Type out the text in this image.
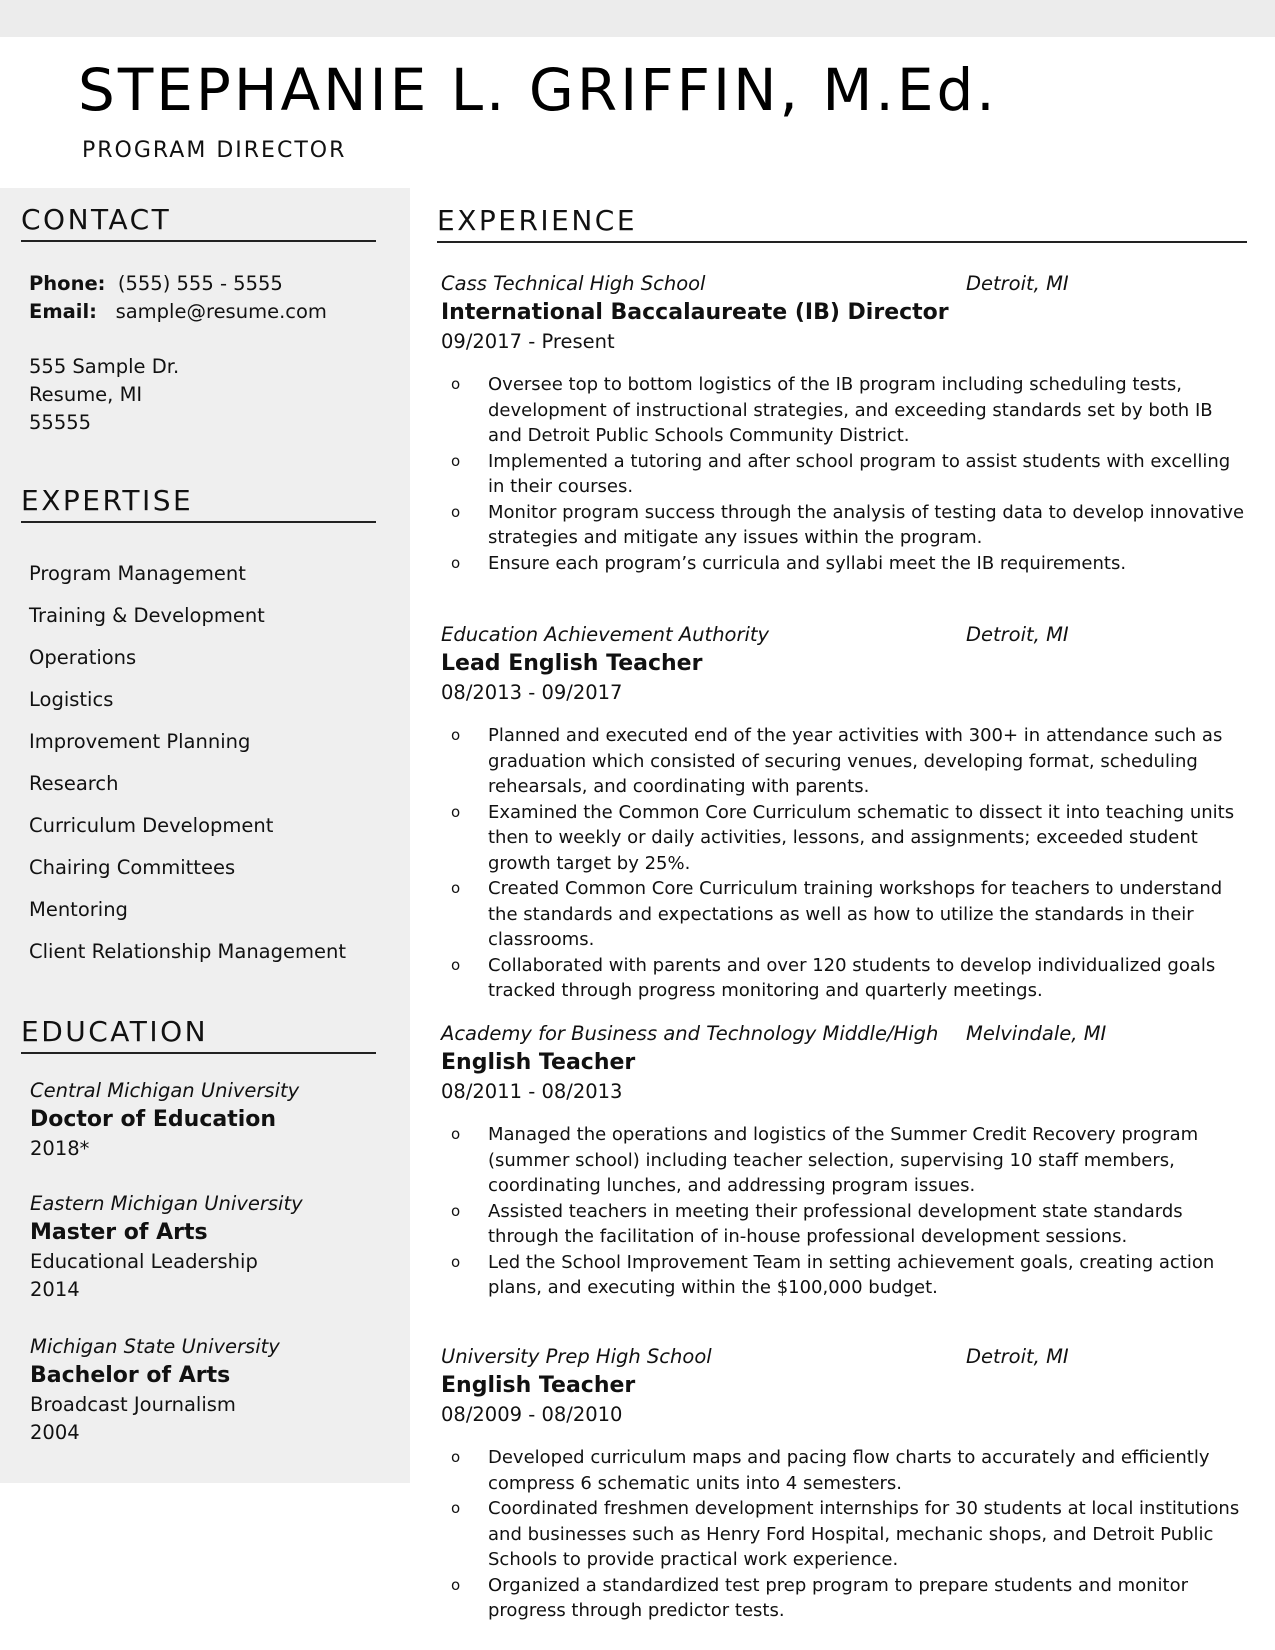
STEPHANIE L. GRIFFIN, M.Ed.
PROGRAM DIRECTOR
CONTACT
Phone: (555) 555 - 5555
Email: sample@resume.com
555 Sample Dr.
Resume, MI
55555
EXPERTISE
Program Management
Training & Development
Operations
Logistics
Improvement Planning
Research
Curriculum Development
Chairing Committees
Mentoring
Client Relationship Management
EDUCATION
Central Michigan University
Doctor of Education
2018*
Eastern Michigan University
Master of Arts
Educational Leadership
2014
Michigan State University
Bachelor of Arts
Broadcast Journalism
2004
EXPERIENCE
Cass Technical High School	Detroit, MI
International Baccalaureate (IB) Director
09/2017 - Present
o Oversee top to bottom logistics of the IB program including scheduling tests, development of instructional strategies, and exceeding standards set by both IB and Detroit Public Schools Community District.
o Implemented a tutoring and after school program to assist students with excelling in their courses.
o Monitor program success through the analysis of testing data to develop innovative strategies and mitigate any issues within the program.
o Ensure each program’s curricula and syllabi meet the IB requirements.
Education Achievement Authority	Detroit, MI
Lead English Teacher
08/2013 - 09/2017
o Planned and executed end of the year activities with 300+ in attendance such as graduation which consisted of securing venues, developing format, scheduling rehearsals, and coordinating with parents.
o Examined the Common Core Curriculum schematic to dissect it into teaching units then to weekly or daily activities, lessons, and assignments; exceeded student growth target by 25%.
o Created Common Core Curriculum training workshops for teachers to understand the standards and expectations as well as how to utilize the standards in their classrooms.
o Collaborated with parents and over 120 students to develop individualized goals tracked through progress monitoring and quarterly meetings.
Academy for Business and Technology Middle/High Melvindale, MI
English Teacher
08/2011 - 08/2013
o Managed the operations and logistics of the Summer Credit Recovery program (summer school) including teacher selection, supervising 10 staff members, coordinating lunches, and addressing program issues.
o Assisted teachers in meeting their professional development state standards through the facilitation of in-house professional development sessions.
o Led the School Improvement Team in setting achievement goals, creating action plans, and executing within the $100,000 budget.
University Prep High School	Detroit, MI
English Teacher
08/2009 - 08/2010
o Developed curriculum maps and pacing flow charts to accurately and efficiently compress 6 schematic units into 4 semesters.
o Coordinated freshmen development internships for 30 students at local institutions and businesses such as Henry Ford Hospital, mechanic shops, and Detroit Public Schools to provide practical work experience.
o Organized a standardized test prep program to prepare students and monitor progress through predictor tests.
